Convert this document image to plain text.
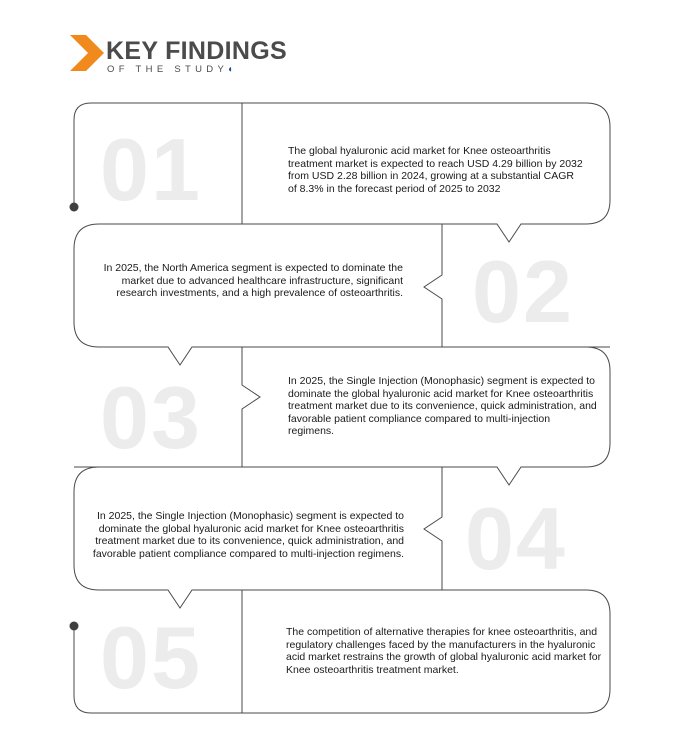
KEY FINDINGS
OF THE STUDY◐
01	The global hyaluronic acid market for Knee osteoarthritis treatment market is expected to reach USD 4.29 billion by 2032 from USD 2.28 billion in 2024, growing at a substantial CAGR of 8.3% in the forecast period of 2025 to 2032
02
In 2025, the North America segment is expected to dominate the market due to advanced healthcare infrastructure, significant research investments, and a high prevalence of osteoarthritis.
03	In 2025, the Single Injection (Monophasic) segment is expected to dominate the global hyaluronic acid market for Knee osteoarthritis treatment market due to its convenience, quick administration, and favorable patient compliance compared to multi-injection regimens.
04
In 2025, the Single Injection (Monophasic) segment is expected to dominate the global hyaluronic acid market for Knee osteoarthritis treatment market due to its convenience, quick administration, and favorable patient compliance compared to multi-injection regimens.
05	The competition of alternative therapies for knee osteoarthritis, and regulatory challenges faced by the manufacturers in the hyaluronic acid market restrains the growth of global hyaluronic acid market for Knee osteoarthritis treatment market.
